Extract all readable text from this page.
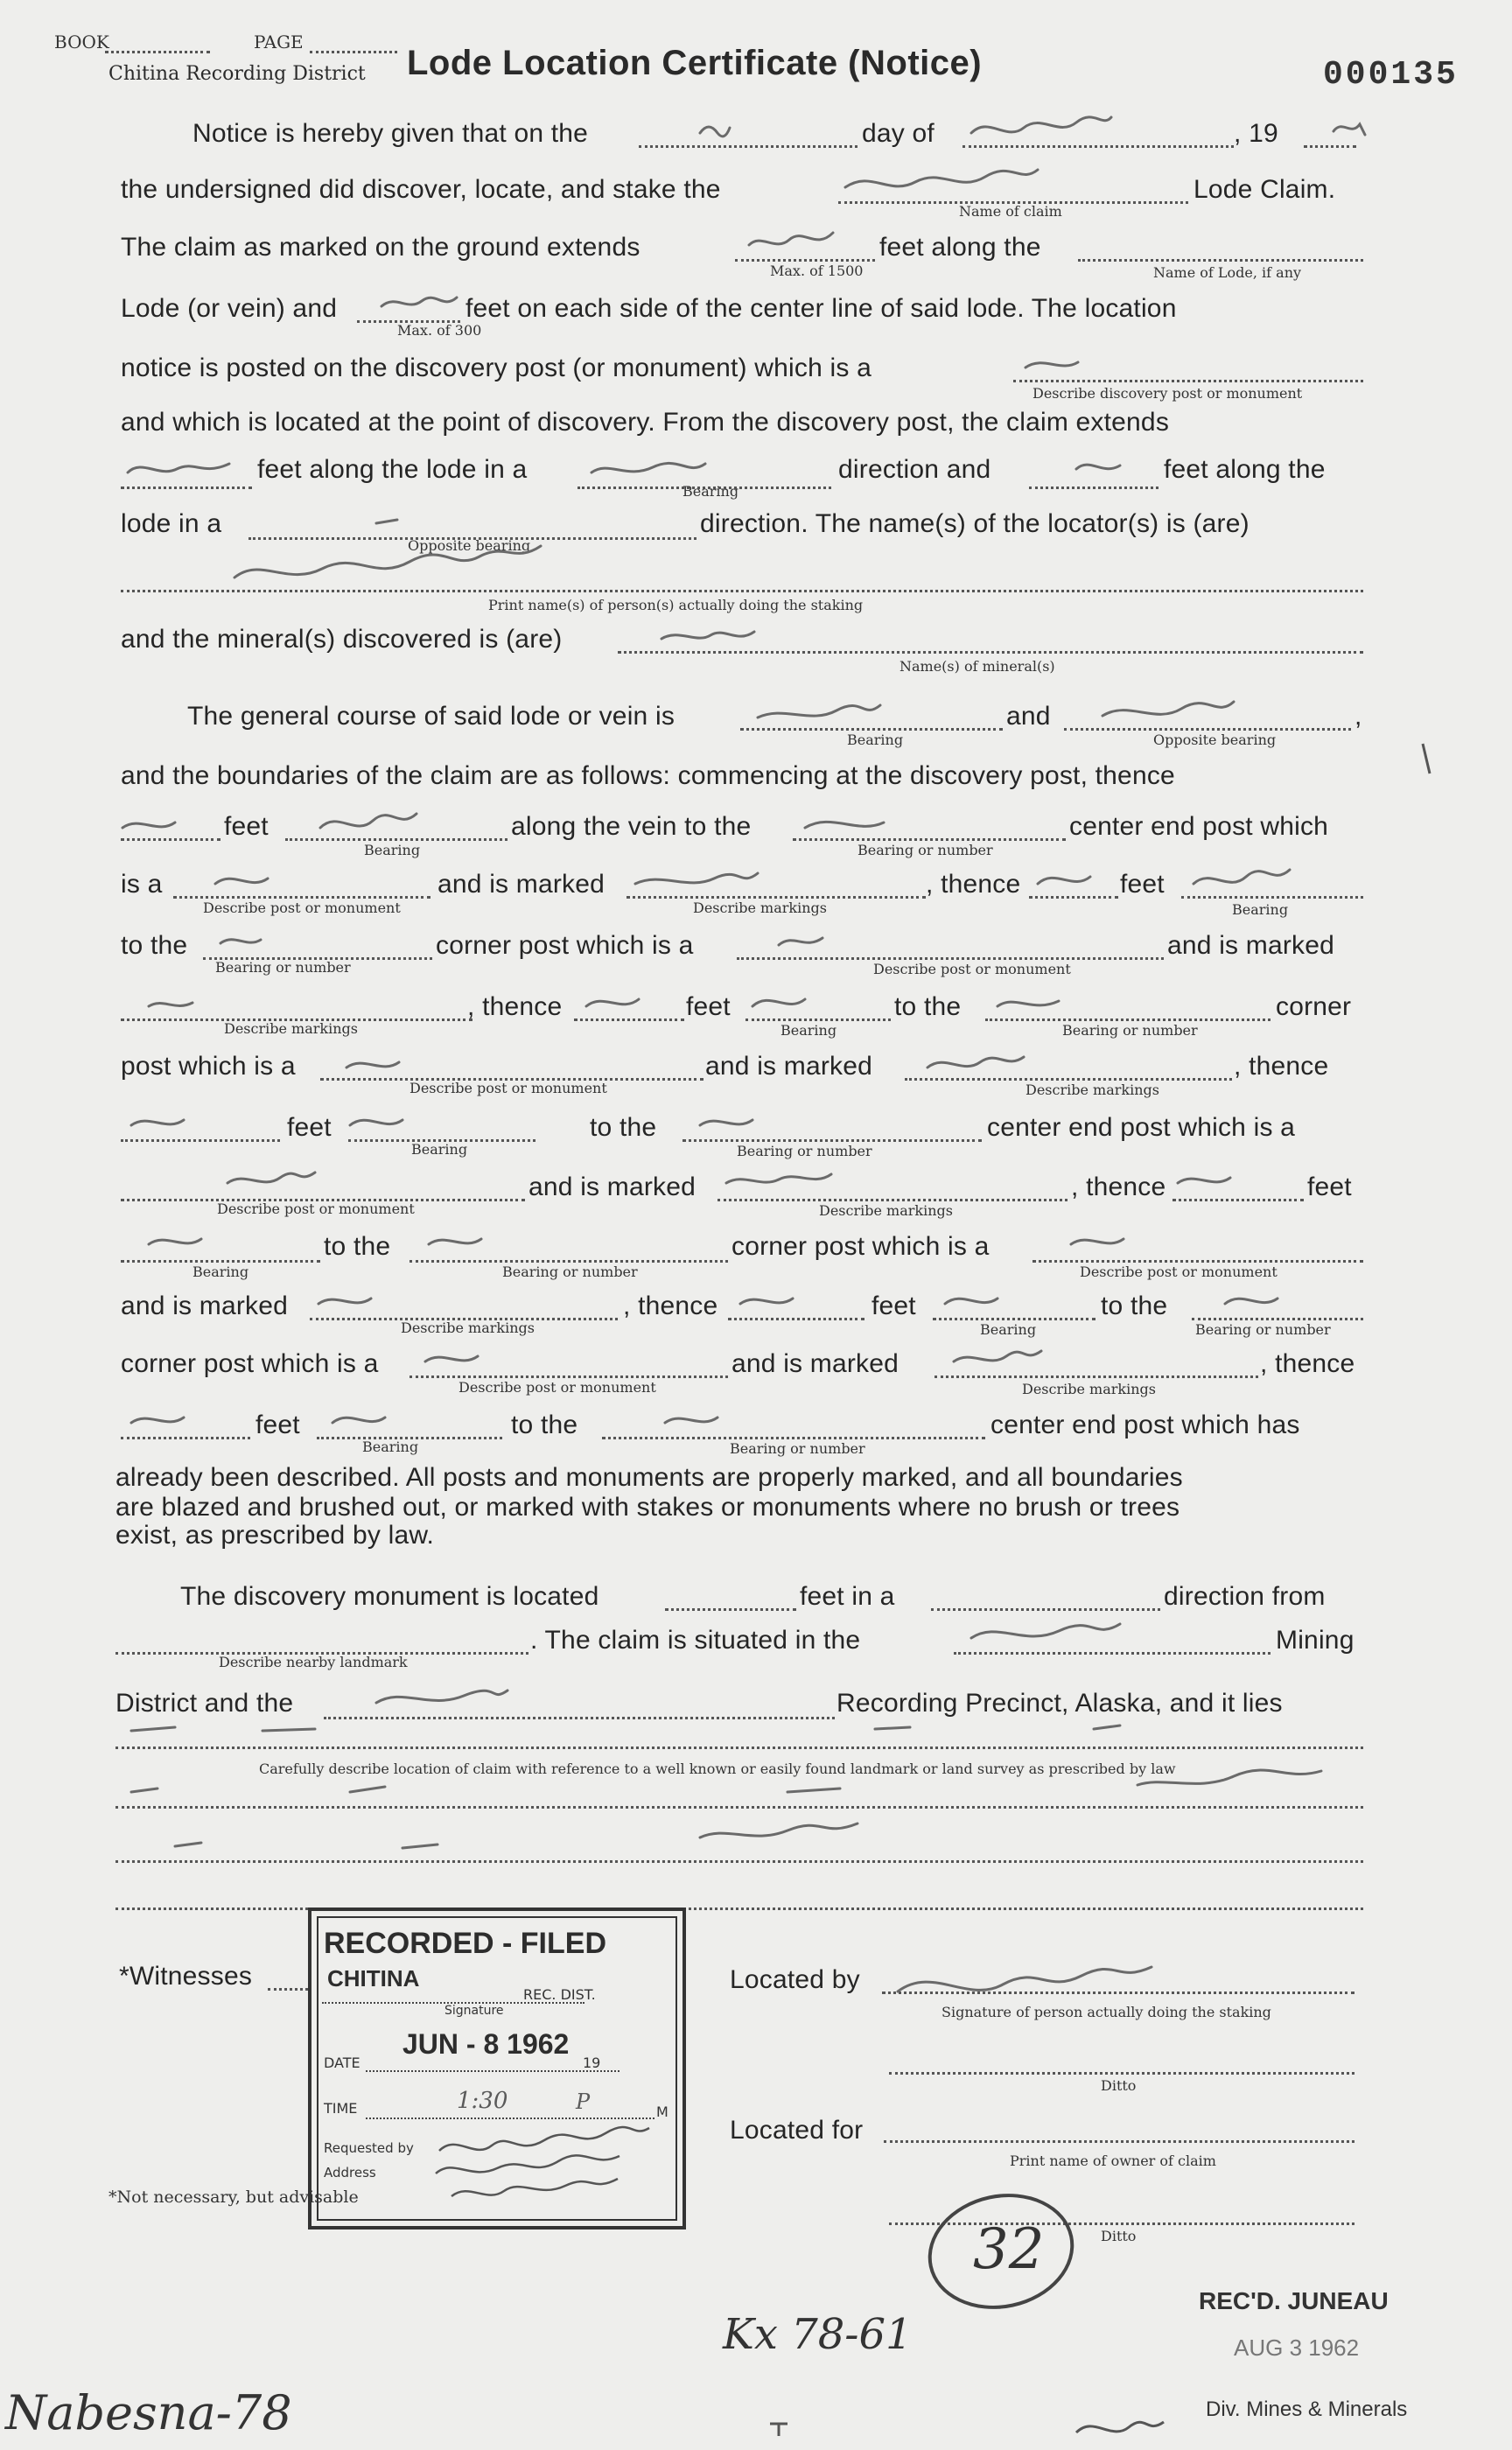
BOOK	PAGE
Chitina Recording District Lode Location Certificate (Notice)	000135
Notice is hereby given that on the	day of	, 19
the undersigned did discover, locate, and stake the	Lode Claim.
Name of claim
The claim as marked on the ground extends	feet along the
Max. of 1500	Name of Lode, if any
Lode (or vein) and	feet on each side of the center line of said lode. The location
Max. of 300
notice is posted on the discovery post (or monument) which is a
Describe discovery post or monument
and which is located at the point of discovery. From the discovery post, the claim extends
feet along the lode in a	direction and	feet along the
Bearing
lode in a	direction. The name(s) of the locator(s) is (are)
Opposite bearing
Print name(s) of person(s) actually doing the staking
and the mineral(s) discovered is (are)
Name(s) of mineral(s)
The general course of said lode or vein is	and	,
Bearing	Opposite bearing
and the boundaries of the claim are as follows: commencing at the discovery post, thence
feet	along the vein to the	center end post which
Bearing	Bearing or number
is a	and is marked	, thence	feet
Describe post or monument	Describe markings	Bearing
to the	corner post which is a	and is marked
Bearing or number	Describe post or monument
, thence	feet	to the	corner
Describe markings	Bearing	Bearing or number
post which is a	and is marked	, thence
Describe post or monument	Describe markings
feet	to the	center end post which is a
Bearing	Bearing or number
and is marked	, thence	feet
Describe post or monument	Describe markings
to the	corner post which is a
Bearing	Bearing or number	Describe post or monument
and is marked	, thence	feet	to the
Describe markings	Bearing	Bearing or number
corner post which is a	and is marked	, thence
Describe post or monument	Describe markings
feet	to the	center end post which has
Bearing	Bearing or number
already been described. All posts and monuments are properly marked, and all boundaries
are blazed and brushed out, or marked with stakes or monuments where no brush or trees
exist, as prescribed by law.
The discovery monument is located	feet in a	direction from
. The claim is situated in the	Mining
Describe nearby landmark
District and the	Recording Precinct, Alaska, and it lies
Carefully describe location of claim with reference to a well known or easily found landmark or land survey as prescribed by law
*Witnesses	Located by
Signature of person actually doing the staking
Ditto
Located for
Print name of owner of claim
Ditto
*Not necessary, but advisable
RECORDED - FILED
CHITINA
REC. DIST.
Signature
DATE
JUN - 8 1962
19
TIME	1:30	P	M
Requested by
Address
32
Kx 78-61
REC'D. JUNEAU
AUG 3 1962
Div. Mines & Minerals
Nabesna-78
